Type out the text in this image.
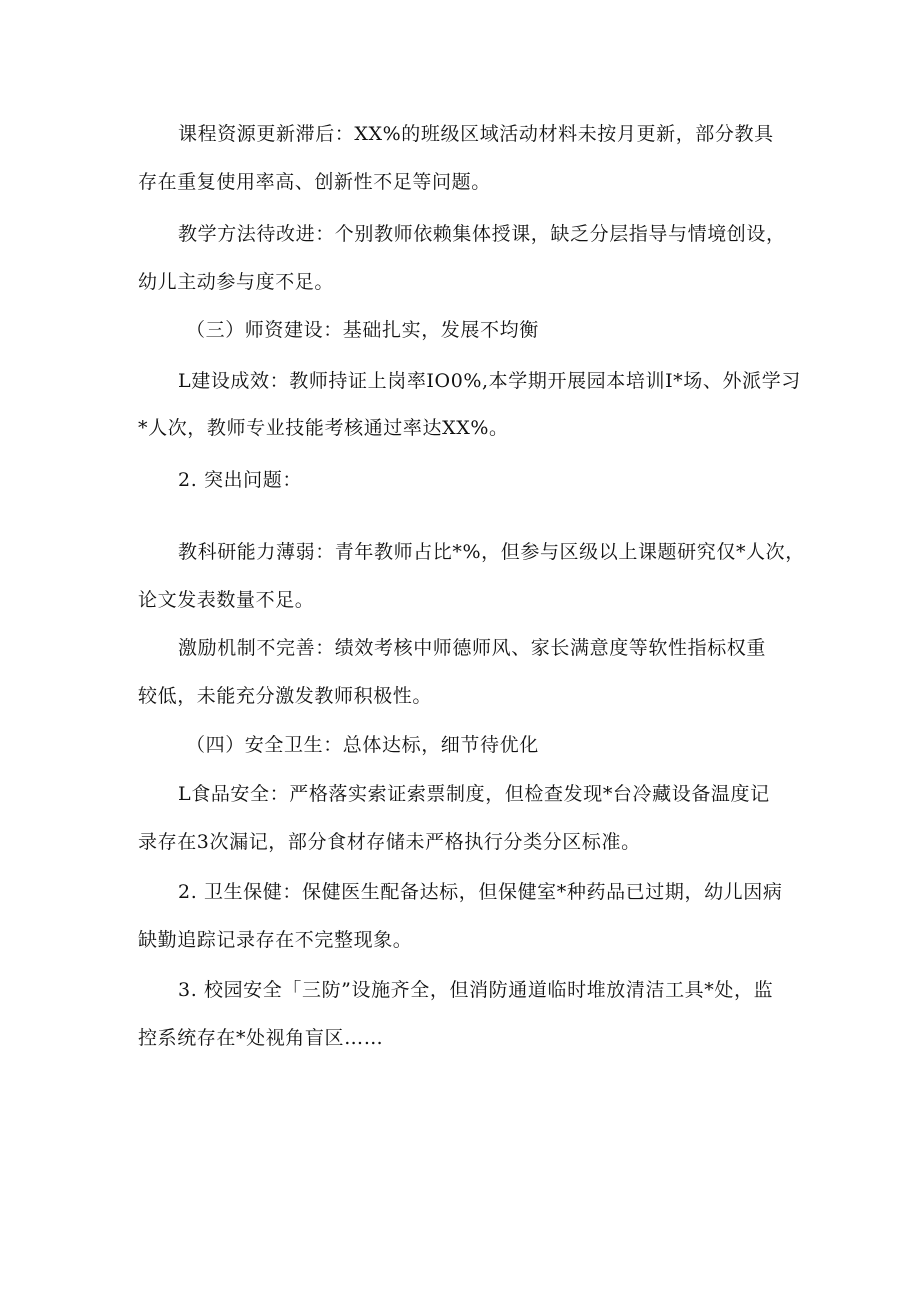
课程资源更新滞后：XX%的班级区域活动材料未按月更新，部分教具
存在重复使用率高、创新性不足等问题。
教学方法待改进：个别教师依赖集体授课，缺乏分层指导与情境创设，
幼儿主动参与度不足。
（三）师资建设：基础扎实，发展不均衡
L建设成效：教师持证上岗率IO0%,本学期开展园本培训I*场、外派学习
*人次，教师专业技能考核通过率达XX%。
2. 突出问题：
教科研能力薄弱：青年教师占比*%，但参与区级以上课题研究仅*人次，
论文发表数量不足。
激励机制不完善：绩效考核中师德师风、家长满意度等软性指标权重
较低，未能充分激发教师积极性。
（四）安全卫生：总体达标，细节待优化
L食品安全：严格落实索证索票制度，但检查发现*台冷藏设备温度记
录存在3次漏记，部分食材存储未严格执行分类分区标准。
2. 卫生保健：保健医生配备达标，但保健室*种药品已过期，幼儿因病
缺勤追踪记录存在不完整现象。
3. 校园安全「三防”设施齐全，但消防通道临时堆放清洁工具*处，监
控系统存在*处视角盲区……
